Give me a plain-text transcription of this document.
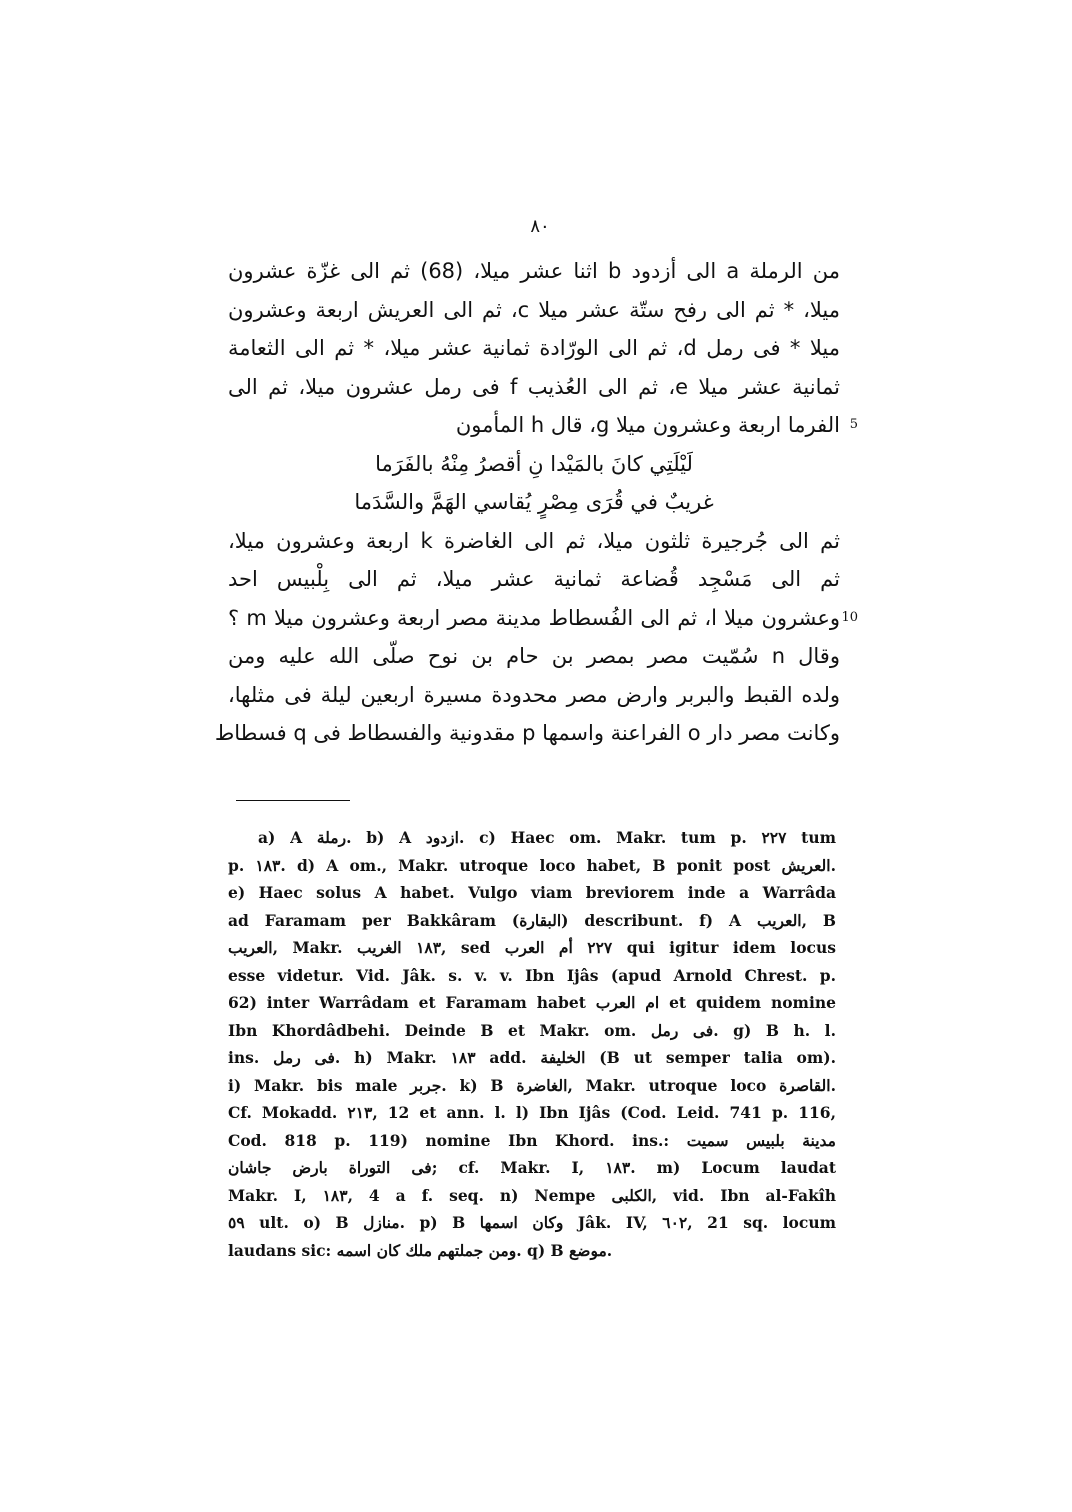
٨٠
من الرملة a الى أزدود b اثنا عشر ميلا، (68) ثم الى غزّة عشرون
ميلا، * ثم الى رفح ستّة عشر ميلا c، ثم الى العريش اربعة وعشرون
ميلا * فى رمل d، ثم الى الورّادة ثمانية عشر ميلا، * ثم الى الثعامة
ثمانية عشر ميلا e، ثم الى العُذيب f فى رمل عشرون ميلا، ثم الى
5
الفرما اربعة وعشرون ميلا g، قال h المأمون
لَيْلَتِي كانَ بالمَيْدا نِ أقصرُ مِنْهُ بالفَرَما
غريبٌ في قُرَى مِصْرٍ يُقاسي الهَمَّ والسَّدَما
ثم الى جُرجيرة ثلثون ميلا، ثم الى الغاضرة k اربعة وعشرون ميلا،
ثم الى مَسْجِد قُضاعة ثمانية عشر ميلا، ثم الى بِلْبيس احد
10
وعشرون ميلا l، ثم الى الفُسطاط مدينة مصر اربعة وعشرون ميلا m ؟
وقال n سُمّيت مصر بمصر بن حام بن نوح صلّى الله عليه ومن
ولده القبط والبربر وارض مصر محدودة مسيرة اربعين ليلة فى مثلها،
وكانت مصر دار o الفراعنة واسمها p مقدونية والفسطاط فى q فسطاط
a) A رملة. b) A ازدود. c) Haec om. Makr. tum p. ٢٢٧ tum
p. ١٨٣. d) A om., Makr. utroque loco habet, B ponit post العريش.
e) Haec solus A habet. Vulgo viam breviorem inde a Warrâda
ad Faramam per Bakkâram (البقارة) describunt. f) A العريب, B
العريب, Makr. ١٨٣ الغريب, sed ٢٢٧ أم العرب qui igitur idem locus
esse videtur. Vid. Jâk. s. v. v. Ibn Ijâs (apud Arnold Chrest. p.
62) inter Warrâdam et Faramam habet ام العرب et quidem nomine
Ibn Khordâdbehi. Deinde B et Makr. om. فى رمل. g) B h. l.
ins. فى رمل. h) Makr. ١٨٣ add. الخليفة (B ut semper talia om).
i) Makr. bis male جربر. k) B الغاضرة, Makr. utroque loco القاصرة.
Cf. Mokadd. ٢١٣, 12 et ann. l. l) Ibn Ijâs (Cod. Leid. 741 p. 116,
Cod. 818 p. 119) nomine Ibn Khord. ins.: مدينة بلبيس سميت
فى التوراة بارض جاشان; cf. Makr. I, ١٨٣. m) Locum laudat
Makr. I, ١٨٣, 4 a f. seq. n) Nempe الكلبى, vid. Ibn al-Fakîh
٥٩ ult. o) B منازل. p) B وكان اسمها Jâk. IV, ٦٠٢, 21 sq. locum
laudans sic: ومن جملتهم ملك كان اسمه. q) B موضع.
